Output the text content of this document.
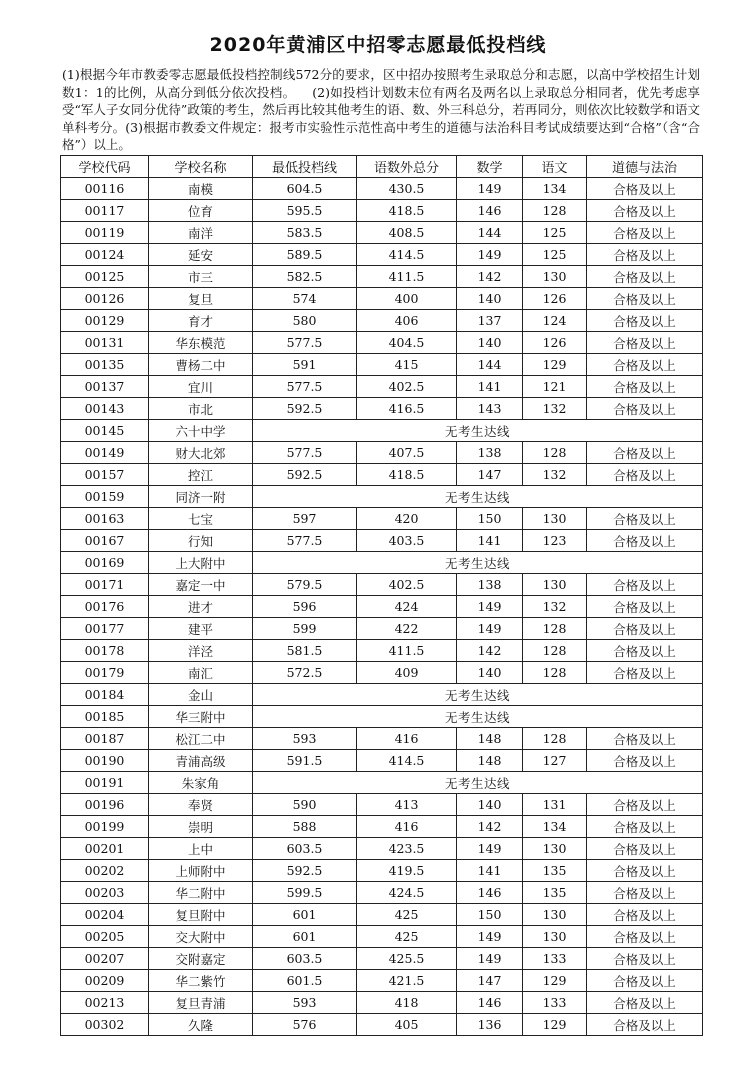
2020年黄浦区中招零志愿最低投档线
(1)根据今年市教委零志愿最低投档控制线572分的要求，区中招办按照考生录取总分和志愿，以高中学校招生计划数1：1的比例，从高分到低分依次投档。 (2)如投档计划数末位有两名及两名以上录取总分相同者，优先考虑享受“军人子女同分优待”政策的考生，然后再比较其他考生的语、数、外三科总分，若再同分，则依次比较数学和语文单科考分。(3)根据市教委文件规定：报考市实验性示范性高中考生的道德与法治科目考试成绩要达到“合格”（含“合格”）以上。
学校代码	学校名称	最低投档线	语数外总分	数学	语文	道德与法治
00116	南模	604.5	430.5	149	134	合格及以上
00117	位育	595.5	418.5	146	128	合格及以上
00119	南洋	583.5	408.5	144	125	合格及以上
00124	延安	589.5	414.5	149	125	合格及以上
00125	市三	582.5	411.5	142	130	合格及以上
00126	复旦	574	400	140	126	合格及以上
00129	育才	580	406	137	124	合格及以上
00131	华东模范	577.5	404.5	140	126	合格及以上
00135	曹杨二中	591	415	144	129	合格及以上
00137	宜川	577.5	402.5	141	121	合格及以上
00143	市北	592.5	416.5	143	132	合格及以上
00145	六十中学	无考生达线				
00149	财大北郊	577.5	407.5	138	128	合格及以上
00157	控江	592.5	418.5	147	132	合格及以上
00159	同济一附	无考生达线				
00163	七宝	597	420	150	130	合格及以上
00167	行知	577.5	403.5	141	123	合格及以上
00169	上大附中	无考生达线				
00171	嘉定一中	579.5	402.5	138	130	合格及以上
00176	进才	596	424	149	132	合格及以上
00177	建平	599	422	149	128	合格及以上
00178	洋泾	581.5	411.5	142	128	合格及以上
00179	南汇	572.5	409	140	128	合格及以上
00184	金山	无考生达线				
00185	华三附中	无考生达线				
00187	松江二中	593	416	148	128	合格及以上
00190	青浦高级	591.5	414.5	148	127	合格及以上
00191	朱家角	无考生达线				
00196	奉贤	590	413	140	131	合格及以上
00199	崇明	588	416	142	134	合格及以上
00201	上中	603.5	423.5	149	130	合格及以上
00202	上师附中	592.5	419.5	141	135	合格及以上
00203	华二附中	599.5	424.5	146	135	合格及以上
00204	复旦附中	601	425	150	130	合格及以上
00205	交大附中	601	425	149	130	合格及以上
00207	交附嘉定	603.5	425.5	149	133	合格及以上
00209	华二紫竹	601.5	421.5	147	129	合格及以上
00213	复旦青浦	593	418	146	133	合格及以上
00302	久隆	576	405	136	129	合格及以上
